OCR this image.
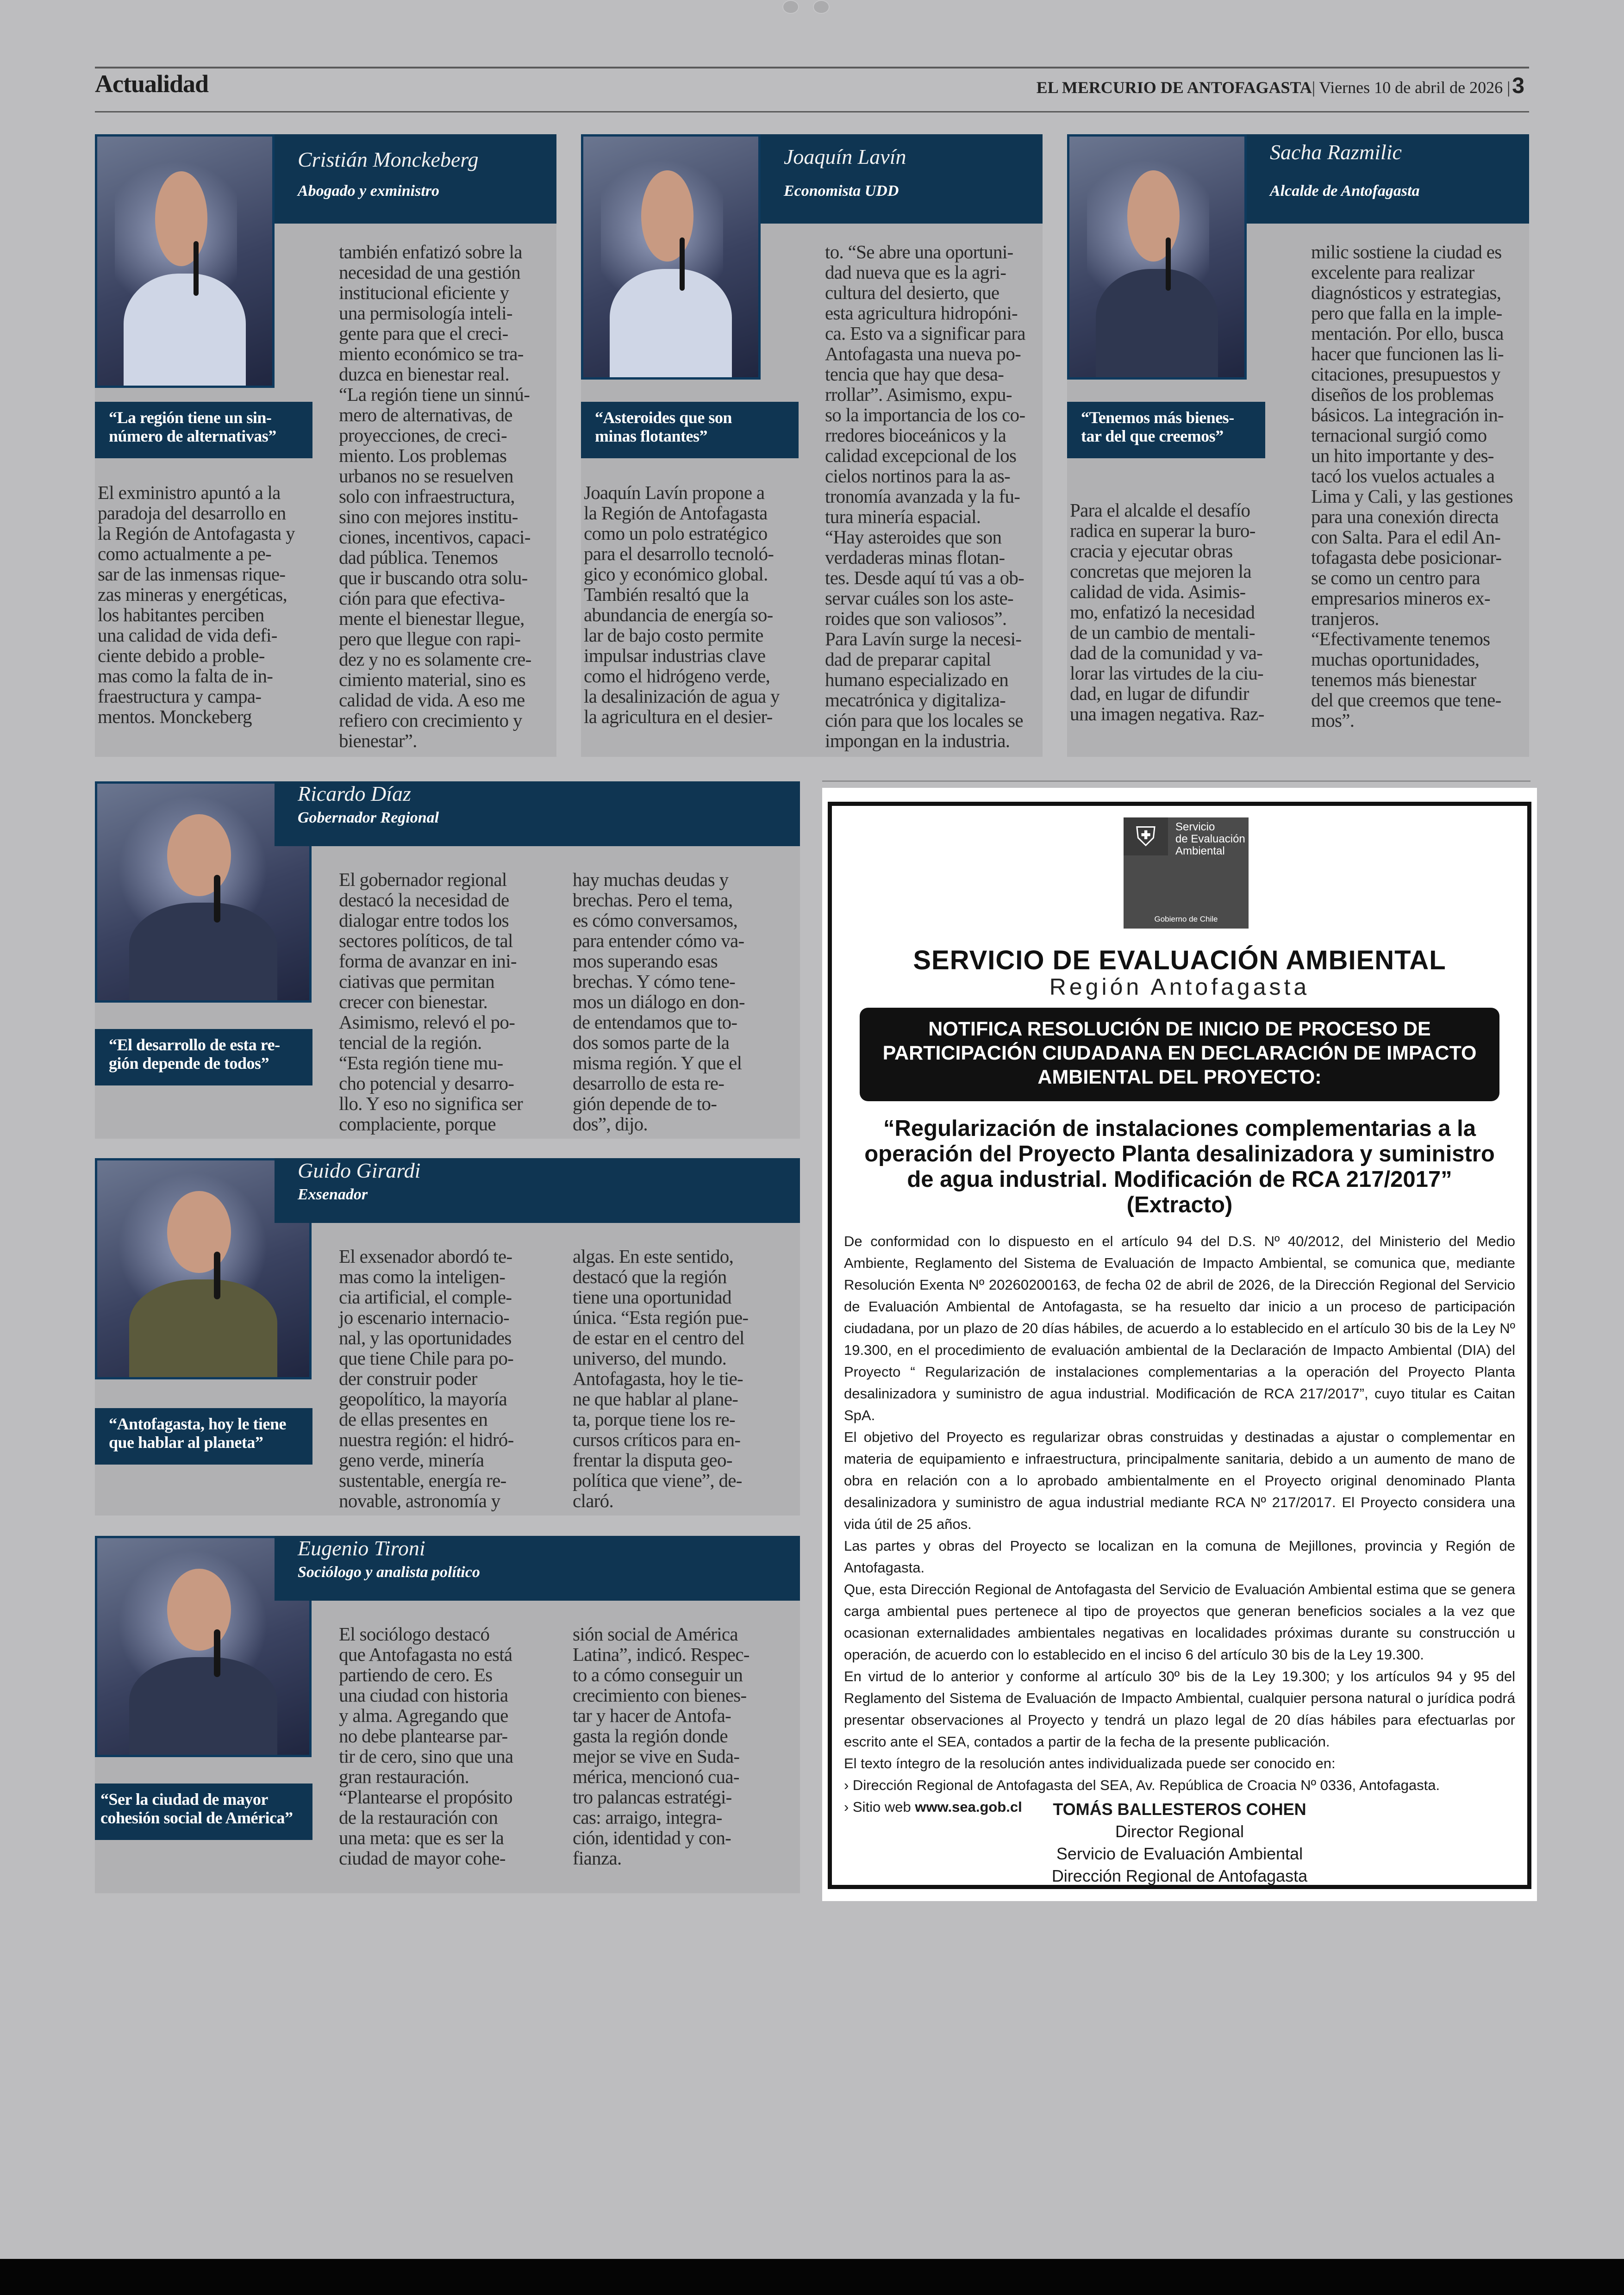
Actualidad	EL MERCURIO DE ANTOFAGASTA| Viernes 10 de abril de 2026 |3
Cristián Monckeberg
Abogado y exministro
“La región tiene un sin-
número de alternativas”
El exministro apuntó a la
paradoja del desarrollo en
la Región de Antofagasta y
como actualmente a pe-
sar de las inmensas rique-
zas mineras y energéticas,
los habitantes perciben
una calidad de vida defi-
ciente debido a proble-
mas como la falta de in-
fraestructura y campa-
mentos. Monckeberg
también enfatizó sobre la
necesidad de una gestión
institucional eficiente y
una permisología inteli-
gente para que el creci-
miento económico se tra-
duzca en bienestar real.
“La región tiene un sinnú-
mero de alternativas, de
proyecciones, de creci-
miento. Los problemas
urbanos no se resuelven
solo con infraestructura,
sino con mejores institu-
ciones, incentivos, capaci-
dad pública. Tenemos
que ir buscando otra solu-
ción para que efectiva-
mente el bienestar llegue,
pero que llegue con rapi-
dez y no es solamente cre-
cimiento material, sino es
calidad de vida. A eso me
refiero con crecimiento y
bienestar”.
Joaquín Lavín
Economista UDD
“Asteroides que son
minas flotantes”
Joaquín Lavín propone a
la Región de Antofagasta
como un polo estratégico
para el desarrollo tecnoló-
gico y económico global.
También resaltó que la
abundancia de energía so-
lar de bajo costo permite
impulsar industrias clave
como el hidrógeno verde,
la desalinización de agua y
la agricultura en el desier-
to. “Se abre una oportuni-
dad nueva que es la agri-
cultura del desierto, que
esta agricultura hidropóni-
ca. Esto va a significar para
Antofagasta una nueva po-
tencia que hay que desa-
rrollar”. Asimismo, expu-
so la importancia de los co-
rredores bioceánicos y la
calidad excepcional de los
cielos nortinos para la as-
tronomía avanzada y la fu-
tura minería espacial.
“Hay asteroides que son
verdaderas minas flotan-
tes. Desde aquí tú vas a ob-
servar cuáles son los aste-
roides que son valiosos”.
Para Lavín surge la necesi-
dad de preparar capital
humano especializado en
mecatrónica y digitaliza-
ción para que los locales se
impongan en la industria.
Sacha Razmilic
Alcalde de Antofagasta
“Tenemos más bienes-
tar del que creemos”
Para el alcalde el desafío
radica en superar la buro-
cracia y ejecutar obras
concretas que mejoren la
calidad de vida. Asimis-
mo, enfatizó la necesidad
de un cambio de mentali-
dad de la comunidad y va-
lorar las virtudes de la ciu-
dad, en lugar de difundir
una imagen negativa. Raz-
milic sostiene la ciudad es
excelente para realizar
diagnósticos y estrategias,
pero que falla en la imple-
mentación. Por ello, busca
hacer que funcionen las li-
citaciones, presupuestos y
diseños de los problemas
básicos. La integración in-
ternacional surgió como
un hito importante y des-
tacó los vuelos actuales a
Lima y Cali, y las gestiones
para una conexión directa
con Salta. Para el edil An-
tofagasta debe posicionar-
se como un centro para
empresarios mineros ex-
tranjeros.
“Efectivamente tenemos
muchas oportunidades,
tenemos más bienestar
del que creemos que tene-
mos”.
Ricardo Díaz
Gobernador Regional
“El desarrollo de esta re-
gión depende de todos”
El gobernador regional
destacó la necesidad de
dialogar entre todos los
sectores políticos, de tal
forma de avanzar en ini-
ciativas que permitan
crecer con bienestar.
Asimismo, relevó el po-
tencial de la región.
“Esta región tiene mu-
cho potencial y desarro-
llo. Y eso no significa ser
complaciente, porque
hay muchas deudas y
brechas. Pero el tema,
es cómo conversamos,
para entender cómo va-
mos superando esas
brechas. Y cómo tene-
mos un diálogo en don-
de entendamos que to-
dos somos parte de la
misma región. Y que el
desarrollo de esta re-
gión depende de to-
dos”, dijo.
Guido Girardi
Exsenador
“Antofagasta, hoy le tiene
que hablar al planeta”
El exsenador abordó te-
mas como la inteligen-
cia artificial, el comple-
jo escenario internacio-
nal, y las oportunidades
que tiene Chile para po-
der construir poder
geopolítico, la mayoría
de ellas presentes en
nuestra región: el hidró-
geno verde, minería
sustentable, energía re-
novable, astronomía y
algas. En este sentido,
destacó que la región
tiene una oportunidad
única. “Esta región pue-
de estar en el centro del
universo, del mundo.
Antofagasta, hoy le tie-
ne que hablar al plane-
ta, porque tiene los re-
cursos críticos para en-
frentar la disputa geo-
política que viene”, de-
claró.
Eugenio Tironi
Sociólogo y analista político
“Ser la ciudad de mayor
cohesión social de América”
El sociólogo destacó
que Antofagasta no está
partiendo de cero. Es
una ciudad con historia
y alma. Agregando que
no debe plantearse par-
tir de cero, sino que una
gran restauración.
“Plantearse el propósito
de la restauración con
una meta: que es ser la
ciudad de mayor cohe-
sión social de América
Latina”, indicó. Respec-
to a cómo conseguir un
crecimiento con bienes-
tar y hacer de Antofa-
gasta la región donde
mejor se vive en Suda-
mérica, mencionó cua-
tro palancas estratégi-
cas: arraigo, integra-
ción, identidad y con-
fianza.
⛨	Servicio
de Evaluación
Ambiental
Gobierno de Chile
SERVICIO DE EVALUACIÓN AMBIENTAL
Región Antofagasta
NOTIFICA RESOLUCIÓN DE INICIO DE PROCESO DE
PARTICIPACIÓN CIUDADANA EN DECLARACIÓN DE IMPACTO
AMBIENTAL DEL PROYECTO:
“Regularización de instalaciones complementarias a la
operación del Proyecto Planta desalinizadora y suministro
de agua industrial. Modificación de RCA 217/2017”
(Extracto)

De conformidad con lo dispuesto en el artículo 94 del D.S. Nº 40/2012, del Ministerio del Medio Ambiente, Reglamento del Sistema de Evaluación de Impacto Ambiental, se comunica que, mediante Resolución Exenta Nº 20260200163, de fecha 02 de abril de 2026, de la Dirección Regional del Servicio de Evaluación Ambiental de Antofagasta, se ha resuelto dar inicio a un proceso de participación ciudadana, por un plazo de 20 días hábiles, de acuerdo a lo establecido en el artículo 30 bis de la Ley Nº 19.300, en el procedimiento de evaluación ambiental de la Declaración de Impacto Ambiental (DIA) del Proyecto “ Regularización de instalaciones complementarias a la operación del Proyecto Planta desalinizadora y suministro de agua industrial. Modificación de RCA 217/2017”, cuyo titular es Caitan SpA.

El objetivo del Proyecto es regularizar obras construidas y destinadas a ajustar o complementar en materia de equipamiento e infraestructura, principalmente sanitaria, debido a un aumento de mano de obra en relación con a lo aprobado ambientalmente en el Proyecto original denominado Planta desalinizadora y suministro de agua industrial mediante RCA Nº 217/2017. El Proyecto considera una vida útil de 25 años.

Las partes y obras del Proyecto se localizan en la comuna de Mejillones, provincia y Región de Antofagasta.

Que, esta Dirección Regional de Antofagasta del Servicio de Evaluación Ambiental estima que se genera carga ambiental pues pertenece al tipo de proyectos que generan beneficios sociales a la vez que ocasionan externalidades ambientales negativas en localidades próximas durante su construcción u operación, de acuerdo con lo establecido en el inciso 6 del artículo 30 bis de la Ley 19.300.

En virtud de lo anterior y conforme al artículo 30º bis de la Ley 19.300; y los artículos 94 y 95 del Reglamento del Sistema de Evaluación de Impacto Ambiental, cualquier persona natural o jurídica podrá presentar observaciones al Proyecto y tendrá un plazo legal de 20 días hábiles para efectuarlas por escrito ante el SEA, contados a partir de la fecha de la presente publicación.

El texto íntegro de la resolución antes individualizada puede ser conocido en:

› Dirección Regional de Antofagasta del SEA, Av. República de Croacia Nº 0336, Antofagasta.

› Sitio web www.sea.gob.cl	TOMÁS BALLESTEROS COHEN
Director Regional
Servicio de Evaluación Ambiental
Dirección Regional de Antofagasta
